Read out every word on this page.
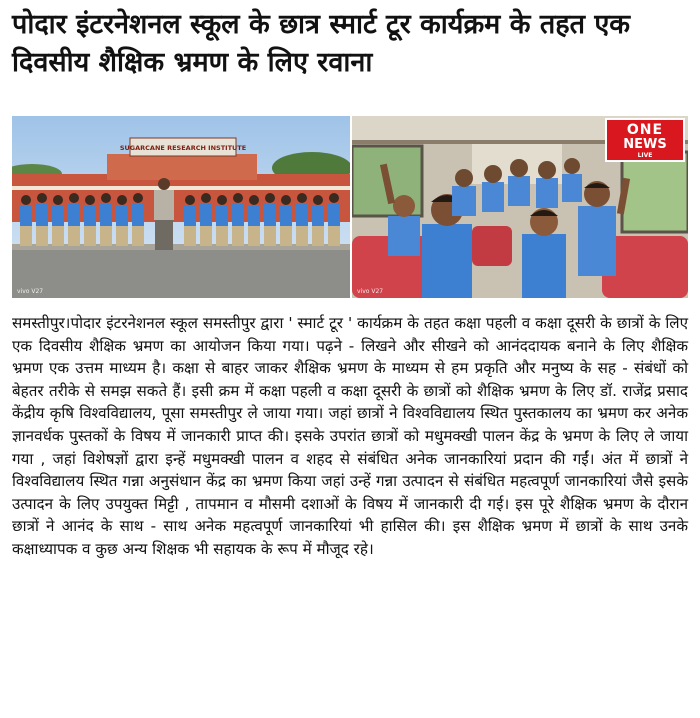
पोदार इंटरनेशनल स्कूल के छात्र स्मार्ट टूर कार्यक्रम के तहत एक दिवसीय शैक्षिक भ्रमण के लिए रवाना
SUGARCANE RESEARCH INSTITUTE
vivo V27
ONE
NEWS
LIVE
vivo V27

समस्तीपुर।पोदार इंटरनेशनल स्कूल समस्तीपुर द्वारा ' स्मार्ट टूर ' कार्यक्रम के तहत कक्षा पहली व कक्षा दूसरी के छात्रों के लिए एक दिवसीय शैक्षिक भ्रमण का आयोजन किया गया। पढ़ने - लिखने और सीखने को आनंददायक बनाने के लिए शैक्षिक भ्रमण एक उत्तम माध्यम है। कक्षा से बाहर जाकर शैक्षिक भ्रमण के माध्यम से हम प्रकृति और मनुष्य के सह - संबंधों को बेहतर तरीके से समझ सकते हैं। इसी क्रम में कक्षा पहली व कक्षा दूसरी के छात्रों को शैक्षिक भ्रमण के लिए डॉ. राजेंद्र प्रसाद केंद्रीय कृषि विश्वविद्यालय, पूसा समस्तीपुर ले जाया गया। जहां छात्रों ने विश्वविद्यालय स्थित पुस्तकालय का भ्रमण कर अनेक ज्ञानवर्धक पुस्तकों के विषय में जानकारी प्राप्त की। इसके उपरांत छात्रों को मधुमक्खी पालन केंद्र के भ्रमण के लिए ले जाया गया , जहां विशेषज्ञों द्वारा इन्हें मधुमक्खी पालन व शहद से संबंधित अनेक जानकारियां प्रदान की गईं। अंत में छात्रों ने विश्वविद्यालय स्थित गन्ना अनुसंधान केंद्र का भ्रमण किया जहां उन्हें गन्ना उत्पादन से संबंधित महत्वपूर्ण जानकारियां जैसे इसके उत्पादन के लिए उपयुक्त मिट्टी , तापमान व मौसमी दशाओं के विषय में जानकारी दी गई। इस पूरे शैक्षिक भ्रमण के दौरान छात्रों ने आनंद के साथ - साथ अनेक महत्वपूर्ण जानकारियां भी हासिल की। इस शैक्षिक भ्रमण में छात्रों के साथ उनके कक्षाध्यापक व कुछ अन्य शिक्षक भी सहायक के रूप में मौजूद रहे।
